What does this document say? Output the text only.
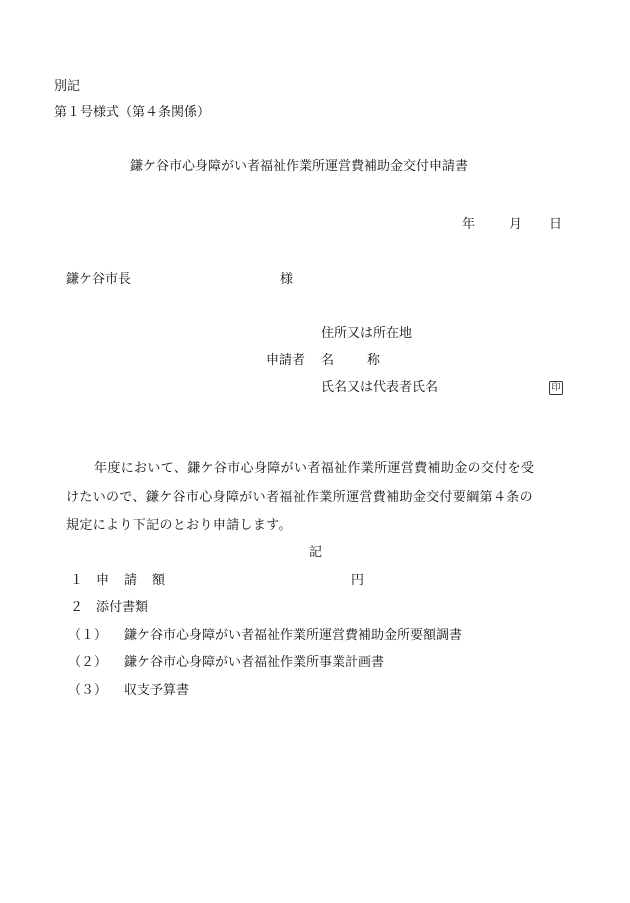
別記
第１号様式（第４条関係）
鎌ケ谷市心身障がい者福祉作業所運営費補助金交付申請書
年	月 日
鎌ケ谷市長	様
住所又は所在地
申請者 名	称
氏名又は代表者氏名	印
年度において、鎌ケ谷市心身障がい者福祉作業所運営費補助金の交付を受
けたいので、鎌ケ谷市心身障がい者福祉作業所運営費補助金交付要綱第４条の
規定により下記のとおり申請します。
記
１ 申 請 額	円
２　添付書類
（１） 鎌ケ谷市心身障がい者福祉作業所運営費補助金所要額調書
（２） 鎌ケ谷市心身障がい者福祉作業所事業計画書
（３） 収支予算書
